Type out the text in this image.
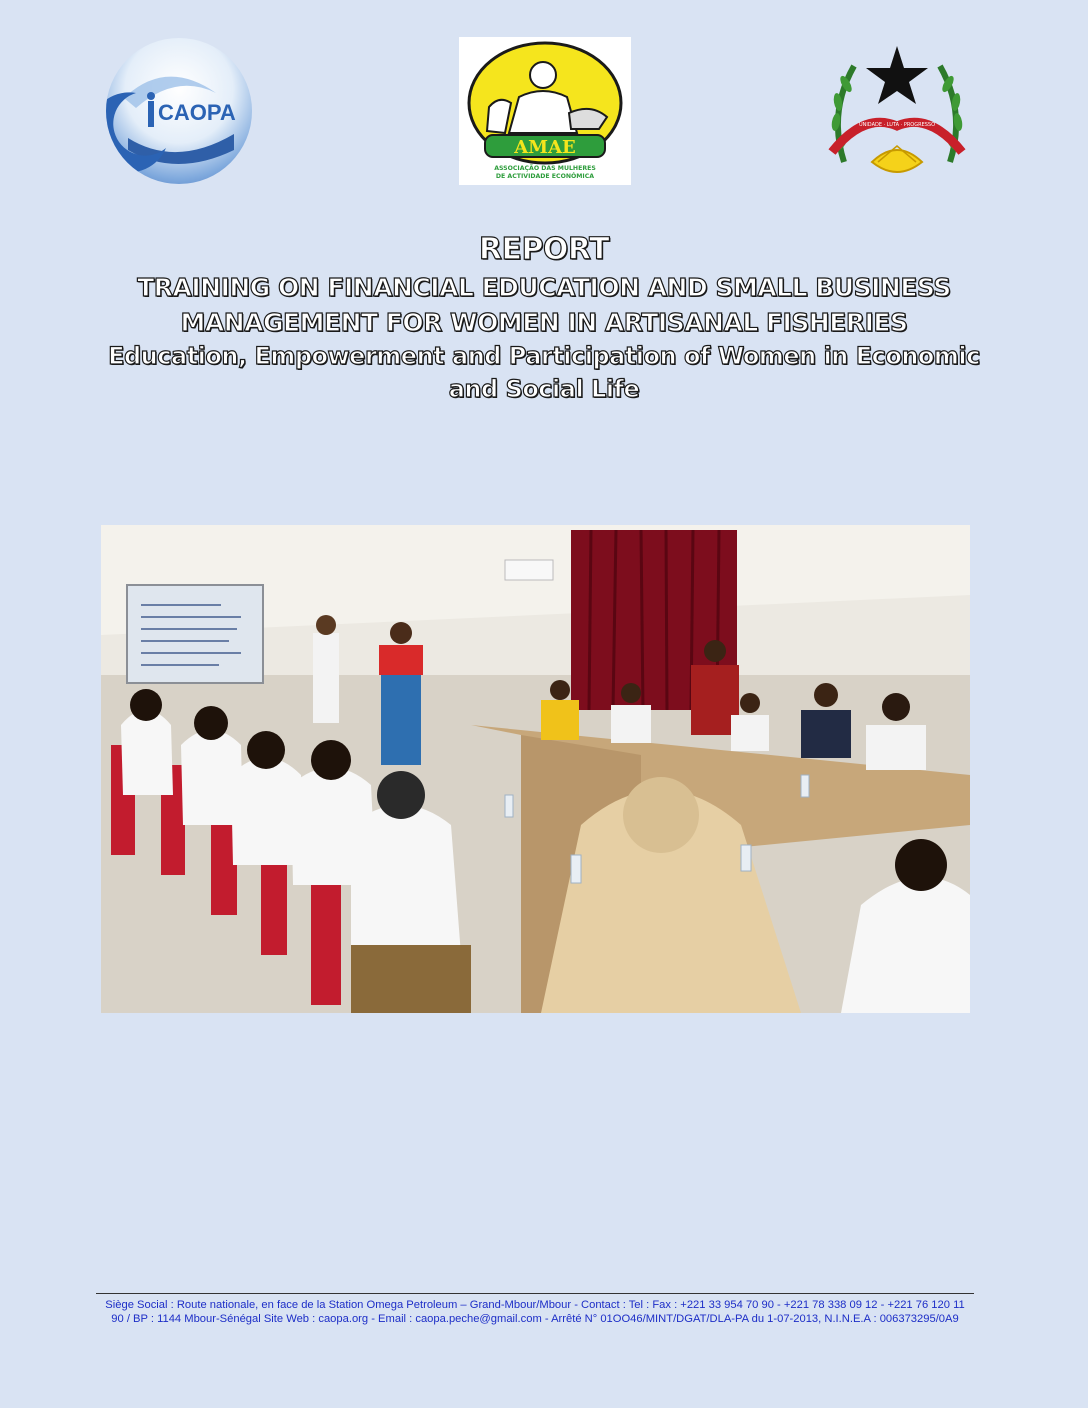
CAOPA
AMAE
ASSOCIAÇÃO DAS MULHERES
DE ACTIVIDADE ECONÓMICA
UNIDADE · LUTA · PROGRESSO

REPORT

TRAINING ON FINANCIAL EDUCATION AND SMALL BUSINESS

MANAGEMENT FOR WOMEN IN ARTISANAL FISHERIES

Education, Empowerment and Participation of Women in Economic

and Social Life

Siège Social : Route nationale, en face de la Station Omega Petroleum – Grand-Mbour/Mbour - Contact : Tel : Fax : +221 33 954 70 90 - +221 78 338 09 12 - +221 76 120 11 90 / BP : 1144 Mbour-Sénégal Site Web : caopa.org - Email : caopa.peche@gmail.com - Arrêté N° 01OO46/MINT/DGAT/DLA-PA du 1-07-2013, N.I.N.E.A : 006373295/0A9
